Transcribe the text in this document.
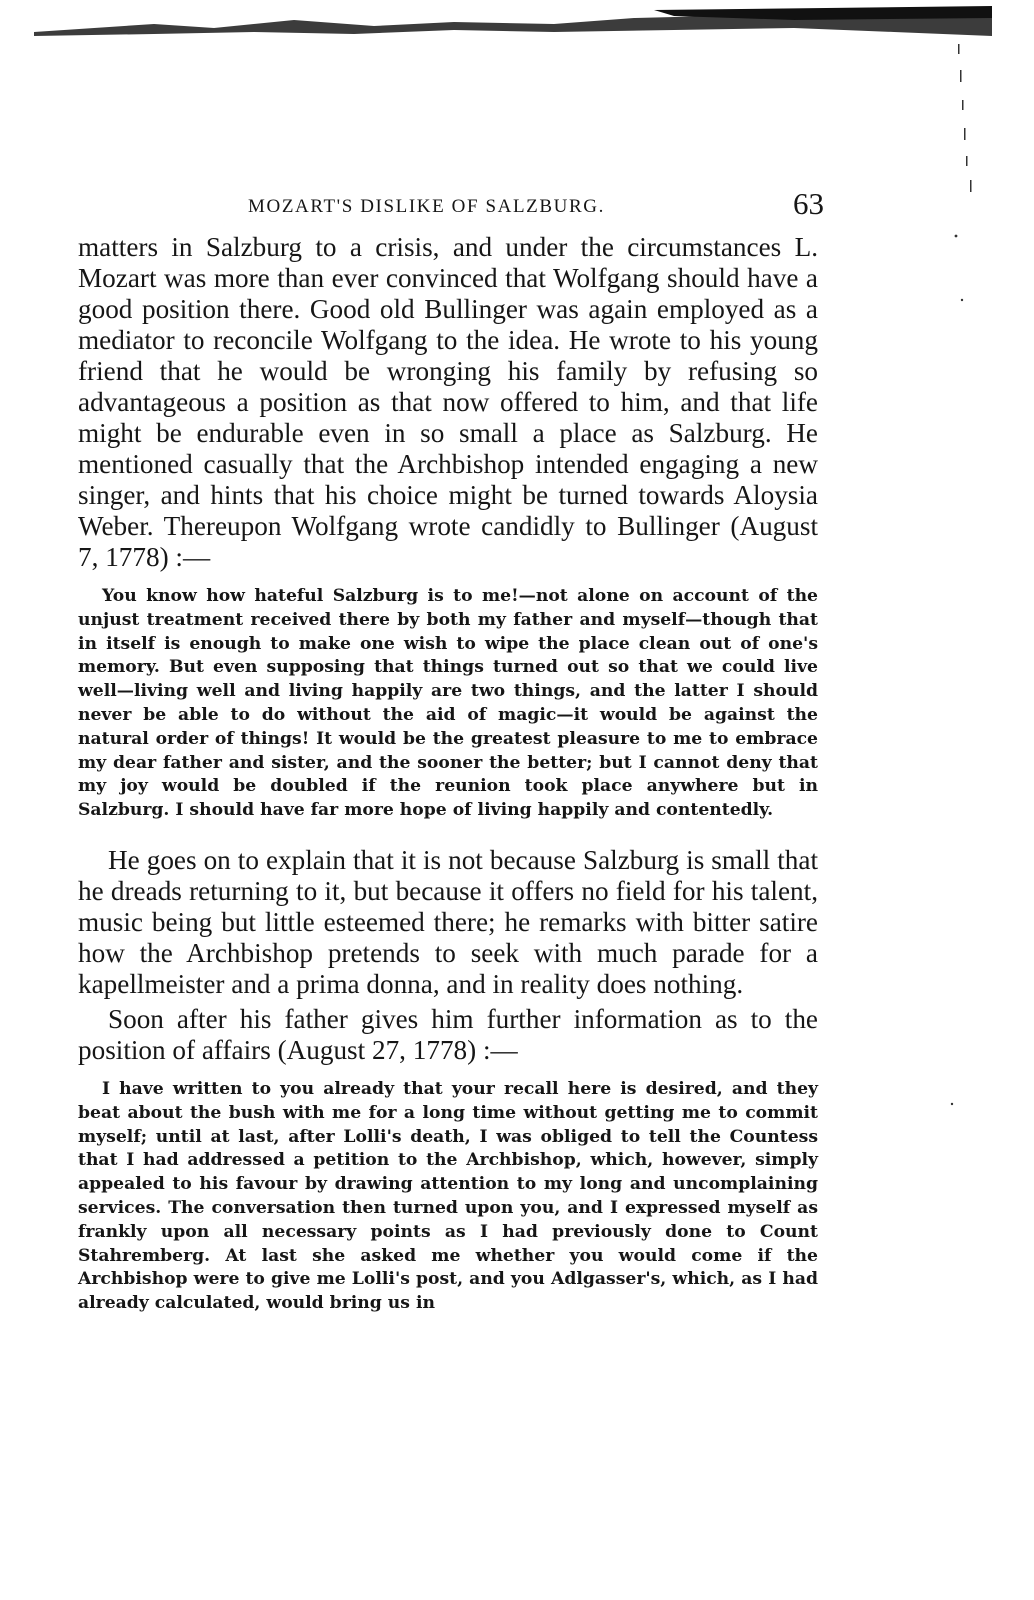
MOZART'S DISLIKE OF SALZBURG.	63

matters in Salzburg to a crisis, and under the circumstances L. Mozart was more than ever convinced that Wolfgang should have a good position there. Good old Bullinger was again employed as a mediator to reconcile Wolfgang to the idea. He wrote to his young friend that he would be wronging his family by refusing so advantageous a position as that now offered to him, and that life might be endurable even in so small a place as Salzburg. He mentioned casually that the Archbishop intended engaging a new singer, and hints that his choice might be turned towards Aloysia Weber. Thereupon Wolfgang wrote candidly to Bullinger (August 7, 1778) :—

You know how hateful Salzburg is to me!—not alone on account of the unjust treatment received there by both my father and myself—though that in itself is enough to make one wish to wipe the place clean out of one's memory. But even supposing that things turned out so that we could live well—living well and living happily are two things, and the latter I should never be able to do without the aid of magic—it would be against the natural order of things! It would be the greatest pleasure to me to embrace my dear father and sister, and the sooner the better; but I cannot deny that my joy would be doubled if the reunion took place anywhere but in Salzburg. I should have far more hope of living happily and contentedly.

He goes on to explain that it is not because Salzburg is small that he dreads returning to it, but because it offers no field for his talent, music being but little esteemed there; he remarks with bitter satire how the Archbishop pretends to seek with much parade for a kapellmeister and a prima donna, and in reality does nothing.

Soon after his father gives him further information as to the position of affairs (August 27, 1778) :—

I have written to you already that your recall here is desired, and they beat about the bush with me for a long time without getting me to commit myself; until at last, after Lolli's death, I was obliged to tell the Countess that I had addressed a petition to the Archbishop, which, however, simply appealed to his favour by drawing attention to my long and uncomplaining services. The conversation then turned upon you, and I expressed myself as frankly upon all necessary points as I had previously done to Count Stahremberg. At last she asked me whether you would come if the Archbishop were to give me Lolli's post, and you Adlgasser's, which, as I had already calculated, would bring us in
